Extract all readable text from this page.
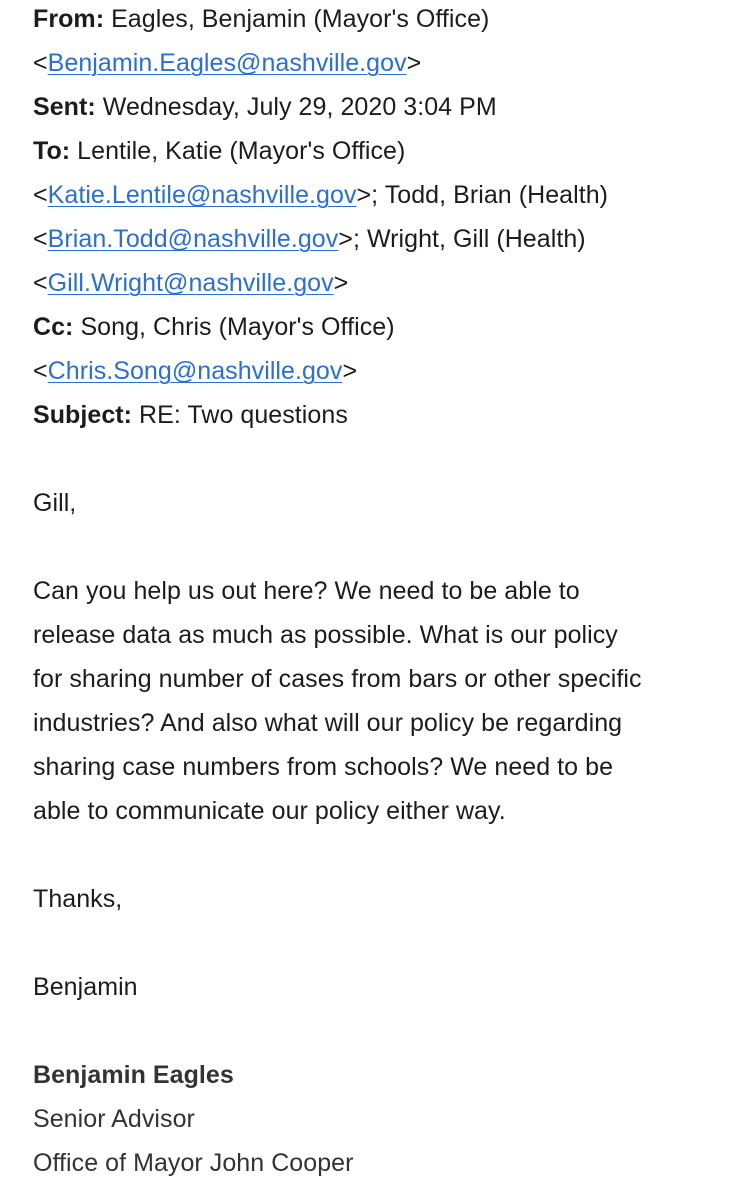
From: Eagles, Benjamin (Mayor's Office)
<Benjamin.Eagles@nashville.gov>
Sent: Wednesday, July 29, 2020 3:04 PM
To: Lentile, Katie (Mayor's Office)
<Katie.Lentile@nashville.gov>; Todd, Brian (Health)
<Brian.Todd@nashville.gov>; Wright, Gill (Health)
<Gill.Wright@nashville.gov>
Cc: Song, Chris (Mayor's Office)
<Chris.Song@nashville.gov>
Subject: RE: Two questions
Gill,
Can you help us out here? We need to be able to
release data as much as possible. What is our policy
for sharing number of cases from bars or other specific
industries? And also what will our policy be regarding
sharing case numbers from schools? We need to be
able to communicate our policy either way.
Thanks,
Benjamin
Benjamin Eagles
Senior Advisor
Office of Mayor John Cooper
